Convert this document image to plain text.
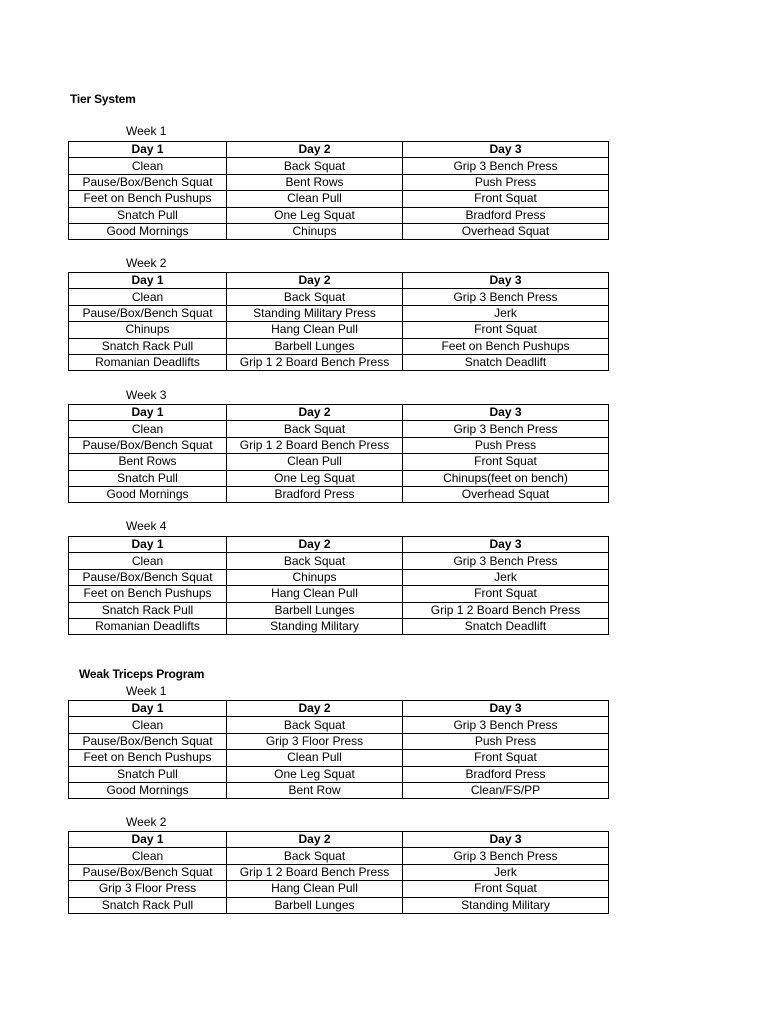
Tier System
Week 1
Day 1	Day 2	Day 3
Clean	Back Squat	Grip 3 Bench Press
Pause/Box/Bench Squat	Bent Rows	Push Press
Feet on Bench Pushups	Clean Pull	Front Squat
Snatch Pull	One Leg Squat	Bradford Press
Good Mornings	Chinups	Overhead Squat
Week 2
Day 1	Day 2	Day 3
Clean	Back Squat	Grip 3 Bench Press
Pause/Box/Bench Squat	Standing Military Press	Jerk
Chinups	Hang Clean Pull	Front Squat
Snatch Rack Pull	Barbell Lunges	Feet on Bench Pushups
Romanian Deadlifts	Grip 1 2 Board Bench Press	Snatch Deadlift
Week 3
Day 1	Day 2	Day 3
Clean	Back Squat	Grip 3 Bench Press
Pause/Box/Bench Squat	Grip 1 2 Board Bench Press	Push Press
Bent Rows	Clean Pull	Front Squat
Snatch Pull	One Leg Squat	Chinups(feet on bench)
Good Mornings	Bradford Press	Overhead Squat
Week 4
Day 1	Day 2	Day 3
Clean	Back Squat	Grip 3 Bench Press
Pause/Box/Bench Squat	Chinups	Jerk
Feet on Bench Pushups	Hang Clean Pull	Front Squat
Snatch Rack Pull	Barbell Lunges	Grip 1 2 Board Bench Press
Romanian Deadlifts	Standing Military	Snatch Deadlift
Weak Triceps Program
Week 1
Day 1	Day 2	Day 3
Clean	Back Squat	Grip 3 Bench Press
Pause/Box/Bench Squat	Grip 3 Floor Press	Push Press
Feet on Bench Pushups	Clean Pull	Front Squat
Snatch Pull	One Leg Squat	Bradford Press
Good Mornings	Bent Row	Clean/FS/PP
Week 2
Day 1	Day 2	Day 3
Clean	Back Squat	Grip 3 Bench Press
Pause/Box/Bench Squat	Grip 1 2 Board Bench Press	Jerk
Grip 3 Floor Press	Hang Clean Pull	Front Squat
Snatch Rack Pull	Barbell Lunges	Standing Military
